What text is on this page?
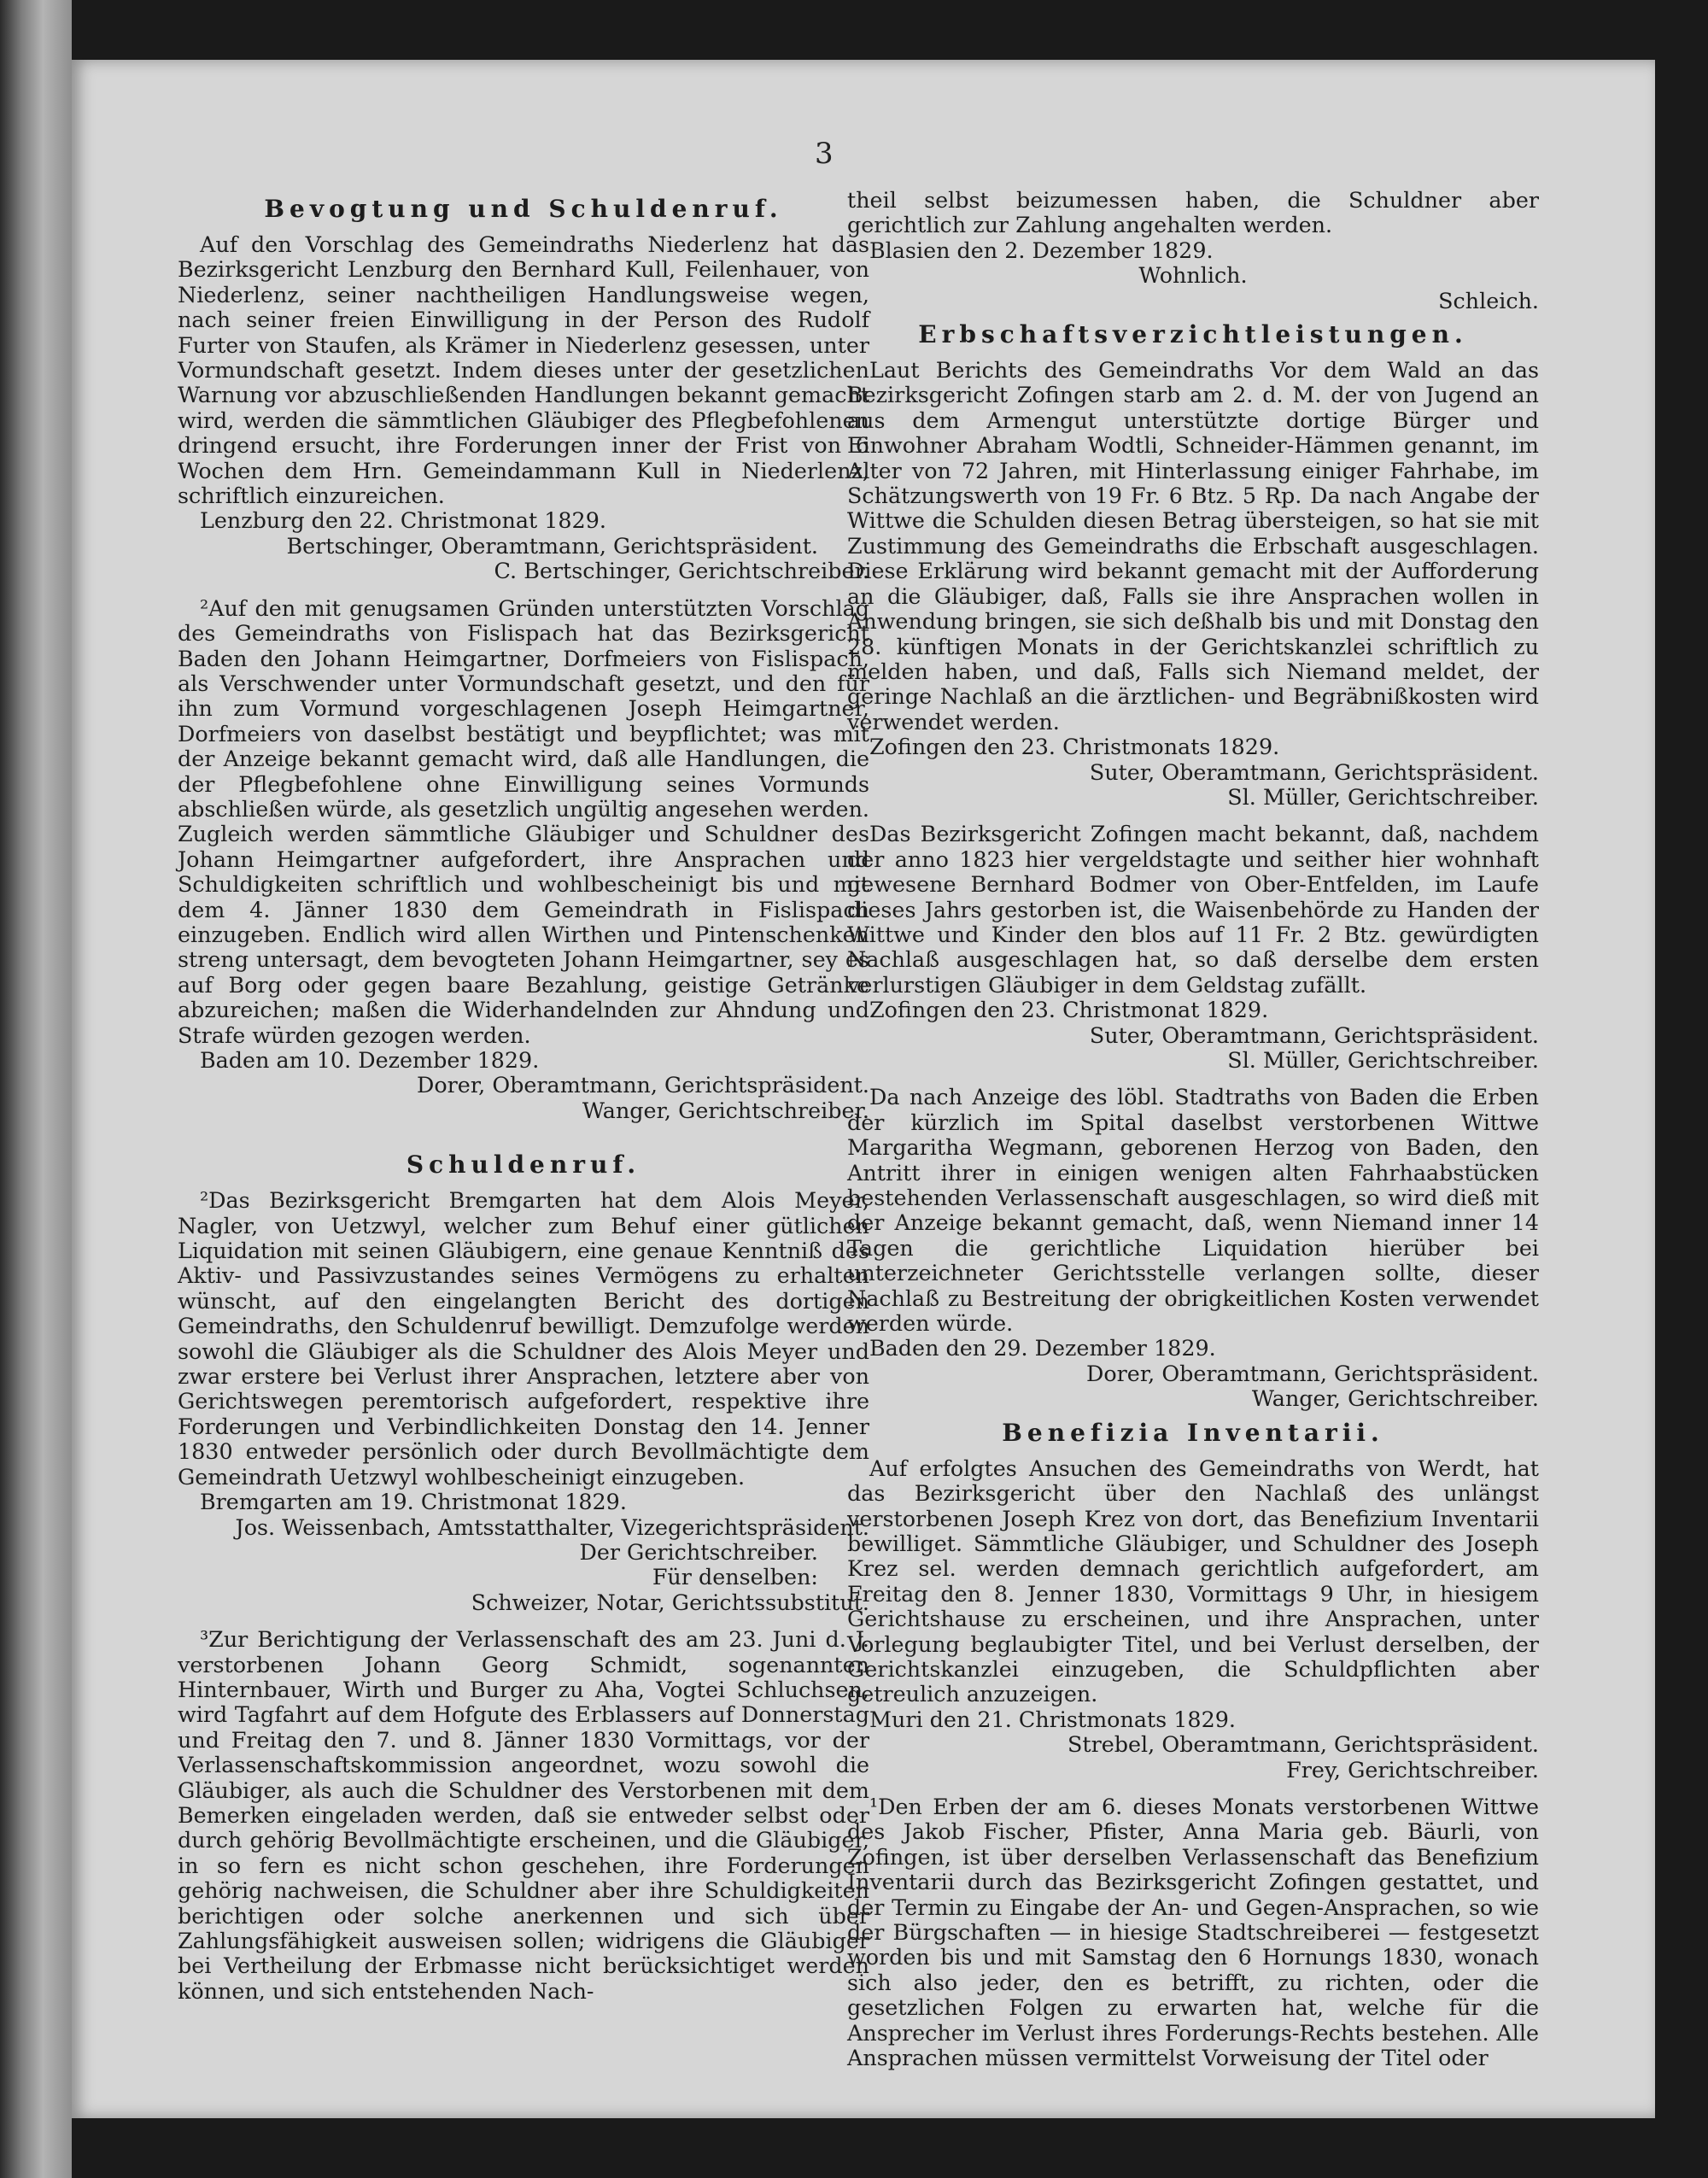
3
Bevogtung und Schuldenruf.

Auf den Vorschlag des Gemeindraths Niederlenz hat das Bezirksgericht Lenzburg den Bernhard Kull, Feilenhauer, von Niederlenz, seiner nachtheiligen Handlungsweise wegen, nach seiner freien Einwilligung in der Person des Rudolf Furter von Staufen, als Krämer in Niederlenz gesessen, unter Vormundschaft gesetzt. Indem dieses unter der gesetzlichen Warnung vor abzuschließenden Handlungen bekannt gemacht wird, werden die sämmtlichen Gläubiger des Pflegbefohlenen dringend ersucht, ihre Forderungen inner der Frist von 6 Wochen dem Hrn. Gemeindammann Kull in Niederlenz, schriftlich einzureichen.

Lenzburg den 22. Christmonat 1829.
Bertschinger, Oberamtmann, Gerichtspräsident.
C. Bertschinger, Gerichtschreiber.

²Auf den mit genugsamen Gründen unterstützten Vorschlag des Gemeindraths von Fislispach hat das Bezirksgericht Baden den Johann Heimgartner, Dorfmeiers von Fislispach, als Verschwender unter Vormundschaft gesetzt, und den für ihn zum Vormund vorgeschlagenen Joseph Heimgartner, Dorfmeiers von daselbst bestätigt und beypflichtet; was mit der Anzeige bekannt gemacht wird, daß alle Handlungen, die der Pflegbefohlene ohne Einwilligung seines Vormunds abschließen würde, als gesetzlich ungültig angesehen werden. Zugleich werden sämmtliche Gläubiger und Schuldner des Johann Heimgartner aufgefordert, ihre Ansprachen und Schuldigkeiten schriftlich und wohlbescheinigt bis und mit dem 4. Jänner 1830 dem Gemeindrath in Fislispach einzugeben. Endlich wird allen Wirthen und Pintenschenken streng untersagt, dem bevogteten Johann Heimgartner, sey es auf Borg oder gegen baare Bezahlung, geistige Getränke abzureichen; maßen die Widerhandelnden zur Ahndung und Strafe würden gezogen werden.

Baden am 10. Dezember 1829.
Dorer, Oberamtmann, Gerichtspräsident.
Wanger, Gerichtschreiber.
Schuldenruf.

²Das Bezirksgericht Bremgarten hat dem Alois Meyer, Nagler, von Uetzwyl, welcher zum Behuf einer gütlichen Liquidation mit seinen Gläubigern, eine genaue Kenntniß des Aktiv- und Passivzustandes seines Vermögens zu erhalten wünscht, auf den eingelangten Bericht des dortigen Gemeindraths, den Schuldenruf bewilligt. Demzufolge werden sowohl die Gläubiger als die Schuldner des Alois Meyer und zwar erstere bei Verlust ihrer Ansprachen, letztere aber von Gerichtswegen peremtorisch aufgefordert, respektive ihre Forderungen und Verbindlichkeiten Donstag den 14. Jenner 1830 entweder persönlich oder durch Bevollmächtigte dem Gemeindrath Uetzwyl wohlbescheinigt einzugeben.

Bremgarten am 19. Christmonat 1829.
Jos. Weissenbach, Amtsstatthalter, Vizegerichtspräsident.
Der Gerichtschreiber.
Für denselben:
Schweizer, Notar, Gerichtssubstitut.

³Zur Berichtigung der Verlassenschaft des am 23. Juni d. J. verstorbenen Johann Georg Schmidt, sogenannten Hinternbauer, Wirth und Burger zu Aha, Vogtei Schluchsen, wird Tagfahrt auf dem Hofgute des Erblassers auf Donnerstag und Freitag den 7. und 8. Jänner 1830 Vormittags, vor der Verlassenschaftskommission angeordnet, wozu sowohl die Gläubiger, als auch die Schuldner des Verstorbenen mit dem Bemerken eingeladen werden, daß sie entweder selbst oder durch gehörig Bevollmächtigte erscheinen, und die Gläubiger, in so fern es nicht schon geschehen, ihre Forderungen gehörig nachweisen, die Schuldner aber ihre Schuldigkeiten berichtigen oder solche anerkennen und sich über Zahlungsfähigkeit ausweisen sollen; widrigens die Gläubiger bei Vertheilung der Erbmasse nicht berücksichtiget werden können, und sich entstehenden Nach-

theil selbst beizumessen haben, die Schuldner aber gerichtlich zur Zahlung angehalten werden.

Blasien den 2. Dezember 1829.
Wohnlich.
Schleich.
Erbschaftsverzichtleistungen.

Laut Berichts des Gemeindraths Vor dem Wald an das Bezirksgericht Zofingen starb am 2. d. M. der von Jugend an aus dem Armengut unterstützte dortige Bürger und Einwohner Abraham Wodtli, Schneider-Hämmen genannt, im Alter von 72 Jahren, mit Hinterlassung einiger Fahrhabe, im Schätzungswerth von 19 Fr. 6 Btz. 5 Rp. Da nach Angabe der Wittwe die Schulden diesen Betrag übersteigen, so hat sie mit Zustimmung des Gemeindraths die Erbschaft ausgeschlagen. Diese Erklärung wird bekannt gemacht mit der Aufforderung an die Gläubiger, daß, Falls sie ihre Ansprachen wollen in Anwendung bringen, sie sich deßhalb bis und mit Donstag den 28. künftigen Monats in der Gerichtskanzlei schriftlich zu melden haben, und daß, Falls sich Niemand meldet, der geringe Nachlaß an die ärztlichen- und Begräbnißkosten wird verwendet werden.

Zofingen den 23. Christmonats 1829.
Suter, Oberamtmann, Gerichtspräsident.
Sl. Müller, Gerichtschreiber.

Das Bezirksgericht Zofingen macht bekannt, daß, nachdem der anno 1823 hier vergeldstagte und seither hier wohnhaft gewesene Bernhard Bodmer von Ober-Entfelden, im Laufe dieses Jahrs gestorben ist, die Waisenbehörde zu Handen der Wittwe und Kinder den blos auf 11 Fr. 2 Btz. gewürdigten Nachlaß ausgeschlagen hat, so daß derselbe dem ersten verlurstigen Gläubiger in dem Geldstag zufällt.

Zofingen den 23. Christmonat 1829.
Suter, Oberamtmann, Gerichtspräsident.
Sl. Müller, Gerichtschreiber.

Da nach Anzeige des löbl. Stadtraths von Baden die Erben der kürzlich im Spital daselbst verstorbenen Wittwe Margaritha Wegmann, geborenen Herzog von Baden, den Antritt ihrer in einigen wenigen alten Fahrhaabstücken bestehenden Verlassenschaft ausgeschlagen, so wird dieß mit der Anzeige bekannt gemacht, daß, wenn Niemand inner 14 Tagen die gerichtliche Liquidation hierüber bei unterzeichneter Gerichtsstelle verlangen sollte, dieser Nachlaß zu Bestreitung der obrigkeitlichen Kosten verwendet werden würde.

Baden den 29. Dezember 1829.
Dorer, Oberamtmann, Gerichtspräsident.
Wanger, Gerichtschreiber.
Benefizia Inventarii.

Auf erfolgtes Ansuchen des Gemeindraths von Werdt, hat das Bezirksgericht über den Nachlaß des unlängst verstorbenen Joseph Krez von dort, das Benefizium Inventarii bewilliget. Sämmtliche Gläubiger, und Schuldner des Joseph Krez sel. werden demnach gerichtlich aufgefordert, am Freitag den 8. Jenner 1830, Vormittags 9 Uhr, in hiesigem Gerichtshause zu erscheinen, und ihre Ansprachen, unter Vorlegung beglaubigter Titel, und bei Verlust derselben, der Gerichtskanzlei einzugeben, die Schuldpflichten aber getreulich anzuzeigen.

Muri den 21. Christmonats 1829.
Strebel, Oberamtmann, Gerichtspräsident.
Frey, Gerichtschreiber.

¹Den Erben der am 6. dieses Monats verstorbenen Wittwe des Jakob Fischer, Pfister, Anna Maria geb. Bäurli, von Zofingen, ist über derselben Verlassenschaft das Benefizium Inventarii durch das Bezirksgericht Zofingen gestattet, und der Termin zu Eingabe der An- und Gegen-Ansprachen, so wie der Bürgschaften — in hiesige Stadtschreiberei — festgesetzt worden bis und mit Samstag den 6 Hornungs 1830, wonach sich also jeder, den es betrifft, zu richten, oder die gesetzlichen Folgen zu erwarten hat, welche für die Ansprecher im Verlust ihres Forderungs-Rechts bestehen. Alle Ansprachen müssen vermittelst Vorweisung der Titel oder
